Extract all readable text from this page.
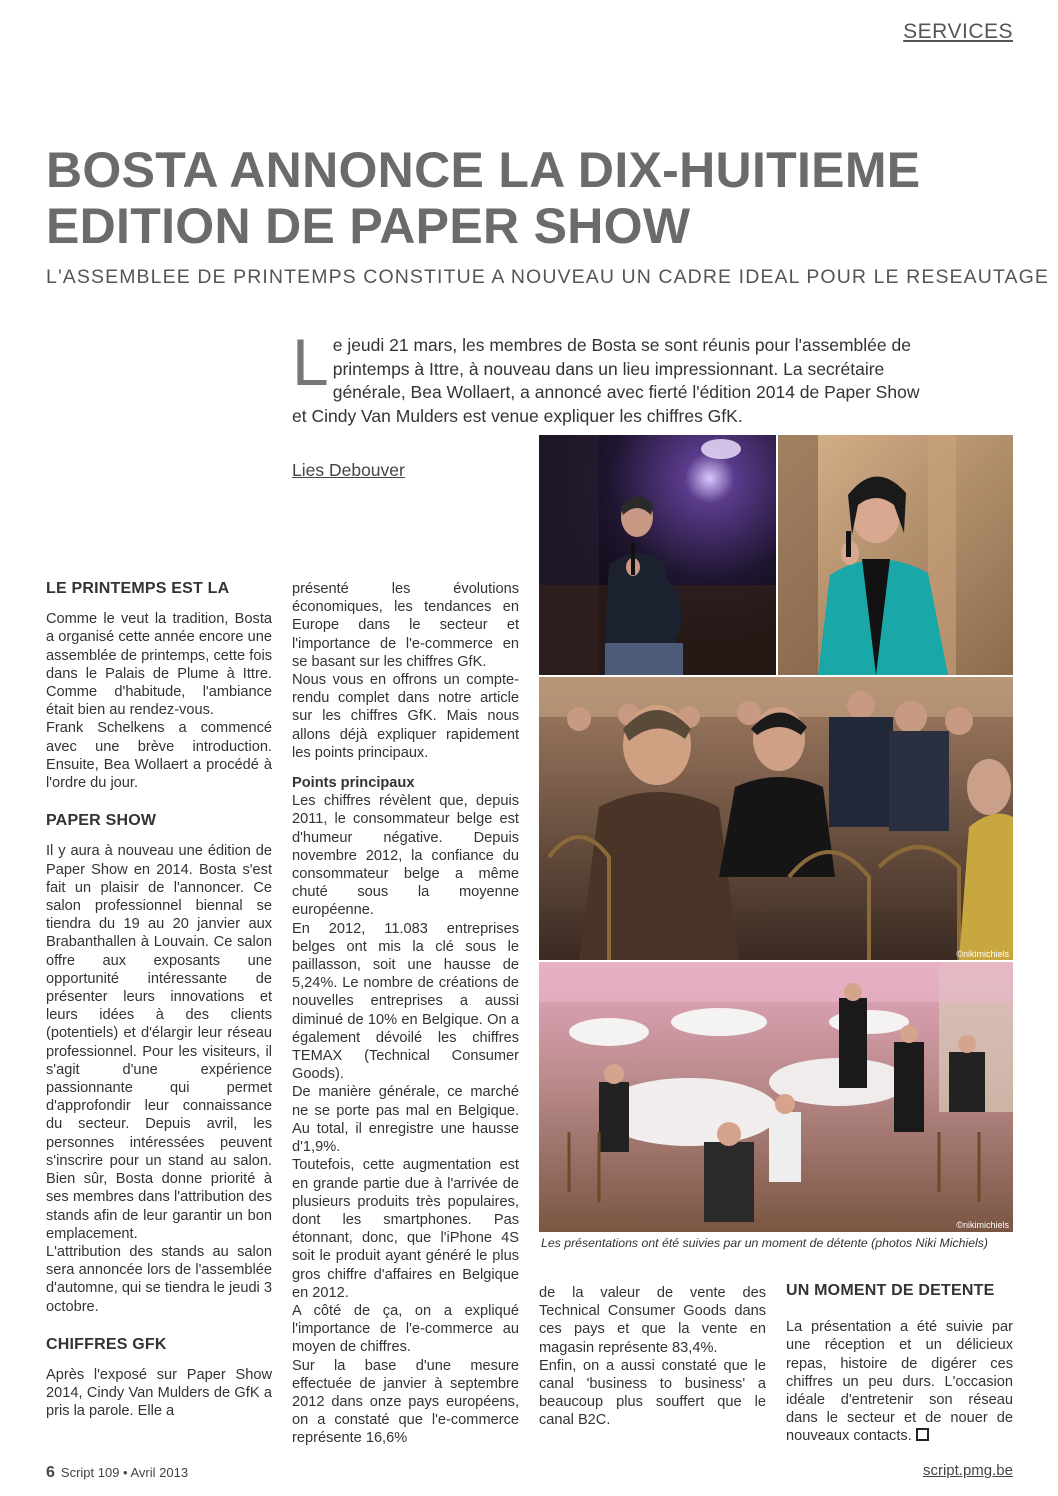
SERVICES
BOSTA ANNONCE LA DIX-HUITIEME
EDITION DE PAPER SHOW
L'ASSEMBLEE DE PRINTEMPS CONSTITUE A NOUVEAU UN CADRE IDEAL POUR LE RESEAUTAGE
Le jeudi 21 mars, les membres de Bosta se sont réunis pour l'assemblée de printemps à Ittre, à nouveau dans un lieu impressionnant. La secrétaire générale, Bea Wollaert, a annoncé avec fierté l'édition 2014 de Paper Show et Cindy Van Mulders est venue expliquer les chiffres GfK.
Lies Debouver
LE PRINTEMPS EST LA

Comme le veut la tradition, Bosta a organisé cette année encore une assemblée de printemps, cette fois dans le Palais de Plume à Ittre. Comme d'habitude, l'ambiance était bien au rendez-vous.

Frank Schelkens a commencé avec une brève introduction. Ensuite, Bea Wollaert a procédé à l'ordre du jour.

PAPER SHOW

Il y aura à nouveau une édition de Paper Show en 2014. Bosta s'est fait un plaisir de l'annoncer. Ce salon professionnel biennal se tiendra du 19 au 20 janvier aux Brabanthallen à Louvain. Ce salon offre aux exposants une opportunité intéressante de présenter leurs innovations et leurs idées à des clients (potentiels) et d'élargir leur réseau professionnel. Pour les visiteurs, il s'agit d'une expérience passionnante qui permet d'approfondir leur connaissance du secteur. Depuis avril, les personnes intéressées peuvent s'inscrire pour un stand au salon. Bien sûr, Bosta donne priorité à ses membres dans l'attribution des stands afin de leur garantir un bon emplacement.

L'attribution des stands au salon sera annoncée lors de l'assemblée d'automne, qui se tiendra le jeudi 3 octobre.

CHIFFRES GFK

Après l'exposé sur Paper Show 2014, Cindy Van Mulders de GfK a pris la parole. Elle a

présenté les évolutions économiques, les tendances en Europe dans le secteur et l'importance de l'e-commerce en se basant sur les chiffres GfK.

Nous vous en offrons un compte-rendu complet dans notre article sur les chiffres GfK. Mais nous allons déjà expliquer rapidement les points principaux.

Points principaux

Les chiffres révèlent que, depuis 2011, le consommateur belge est d'humeur négative. Depuis novembre 2012, la confiance du consommateur belge a même chuté sous la moyenne européenne.

En 2012, 11.083 entreprises belges ont mis la clé sous le paillasson, soit une hausse de 5,24%. Le nombre de créations de nouvelles entreprises a aussi diminué de 10% en Belgique. On a également dévoilé les chiffres TEMAX (Technical Consumer Goods).

De manière générale, ce marché ne se porte pas mal en Belgique. Au total, il enregistre une hausse d'1,9%.

Toutefois, cette augmentation est en grande partie due à l'arrivée de plusieurs produits très populaires, dont les smartphones. Pas étonnant, donc, que l'iPhone 4S soit le produit ayant généré le plus gros chiffre d'affaires en Belgique en 2012.

A côté de ça, on a expliqué l'importance de l'e-commerce au moyen de chiffres.

Sur la base d'une mesure effectuée de janvier à septembre 2012 dans onze pays européens, on a constaté que l'e-commerce représente 16,6%

de la valeur de vente des Technical Consumer Goods dans ces pays et que la vente en magasin représente 83,4%.

Enfin, on a aussi constaté que le canal 'business to business' a beaucoup plus souffert que le canal B2C.

UN MOMENT DE DETENTE

La présentation a été suivie par une réception et un délicieux repas, histoire de digérer ces chiffres un peu durs. L'occasion idéale d'entretenir son réseau dans le secteur et de nouer de nouveaux contacts.

©nikimichiels
©nikimichiels
Les présentations ont été suivies par un moment de détente (photos Niki Michiels)
6 Script 109 • Avril 2013	script.pmg.be
